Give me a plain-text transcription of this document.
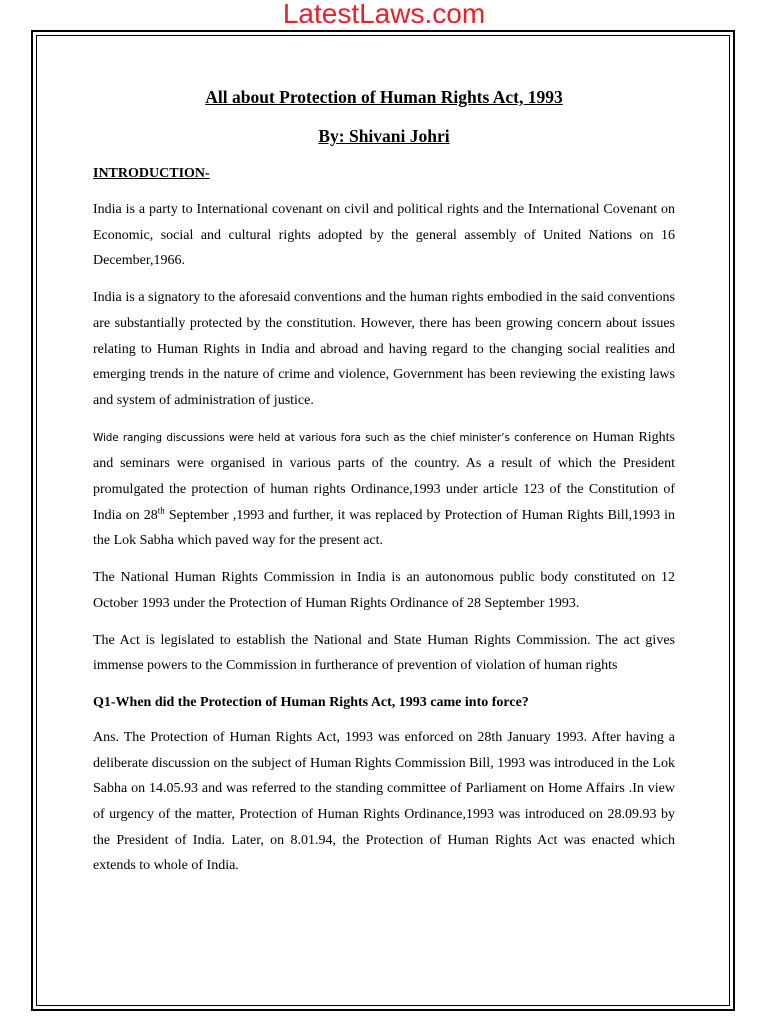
LatestLaws.com
All about Protection of Human Rights Act, 1993
By: Shivani Johri
INTRODUCTION-

India is a party to International covenant on civil and political rights and the International Covenant on Economic, social and cultural rights adopted by the general assembly of United Nations on 16 December,1966.

India is a signatory to the aforesaid conventions and the human rights embodied in the said conventions are substantially protected by the constitution. However, there has been growing concern about issues relating to Human Rights in India and abroad and having regard to the changing social realities and emerging trends in the nature of crime and violence, Government has been reviewing the existing laws and system of administration of justice.

Wide ranging discussions were held at various fora such as the chief minister’s conference on Human Rights and seminars were organised in various parts of the country. As a result of which the President promulgated the protection of human rights Ordinance,1993 under article 123 of the Constitution of India on 28th September ,1993 and further, it was replaced by Protection of Human Rights Bill,1993 in the Lok Sabha which paved way for the present act.

The National Human Rights Commission in India is an autonomous public body constituted on 12 October 1993 under the Protection of Human Rights Ordinance of 28 September 1993.

The Act is legislated to establish the National and State Human Rights Commission. The act gives immense powers to the Commission in furtherance of prevention of violation of human rights

Q1-When did the Protection of Human Rights Act, 1993 came into force?

Ans. The Protection of Human Rights Act, 1993 was enforced on 28th January 1993. After having a deliberate discussion on the subject of Human Rights Commission Bill, 1993 was introduced in the Lok Sabha on 14.05.93 and was referred to the standing committee of Parliament on Home Affairs .In view of urgency of the matter, Protection of Human Rights Ordinance,1993 was introduced on 28.09.93 by the President of India. Later, on 8.01.94, the Protection of Human Rights Act was enacted which extends to whole of India.
